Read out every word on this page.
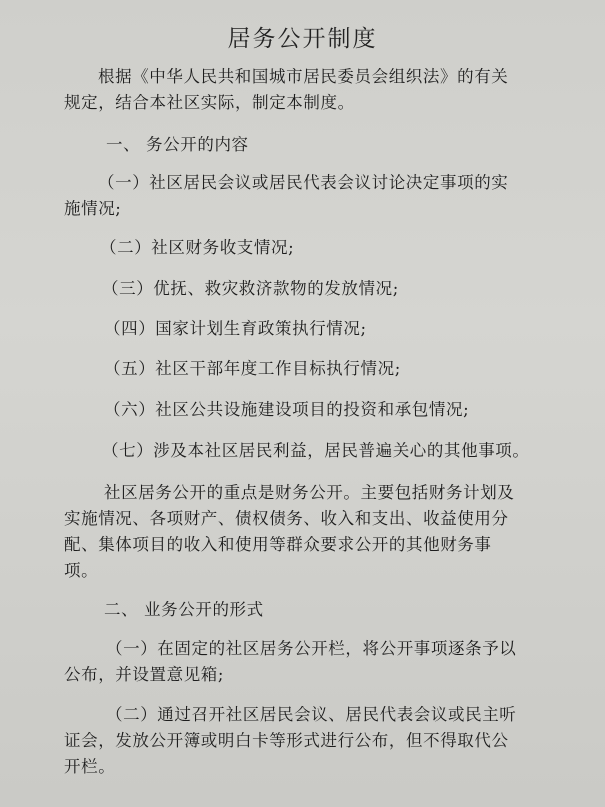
居务公开制度
根据《中华人民共和国城市居民委员会组织法》的有关
规定，结合本社区实际，制定本制度。
一、 务公开的内容
（一）社区居民会议或居民代表会议讨论决定事项的实
施情况;
（二）社区财务收支情况;
（三）优抚、救灾救济款物的发放情况;
（四）国家计划生育政策执行情况;
（五）社区干部年度工作目标执行情况;
（六）社区公共设施建设项目的投资和承包情况;
（七）涉及本社区居民利益，居民普遍关心的其他事项。
社区居务公开的重点是财务公开。主要包括财务计划及
实施情况、各项财产、债权债务、收入和支出、收益使用分
配、集体项目的收入和使用等群众要求公开的其他财务事
项。
二、 业务公开的形式
（一）在固定的社区居务公开栏，将公开事项逐条予以
公布，并设置意见箱;
（二）通过召开社区居民会议、居民代表会议或民主听
证会，发放公开簿或明白卡等形式进行公布，但不得取代公
开栏。
